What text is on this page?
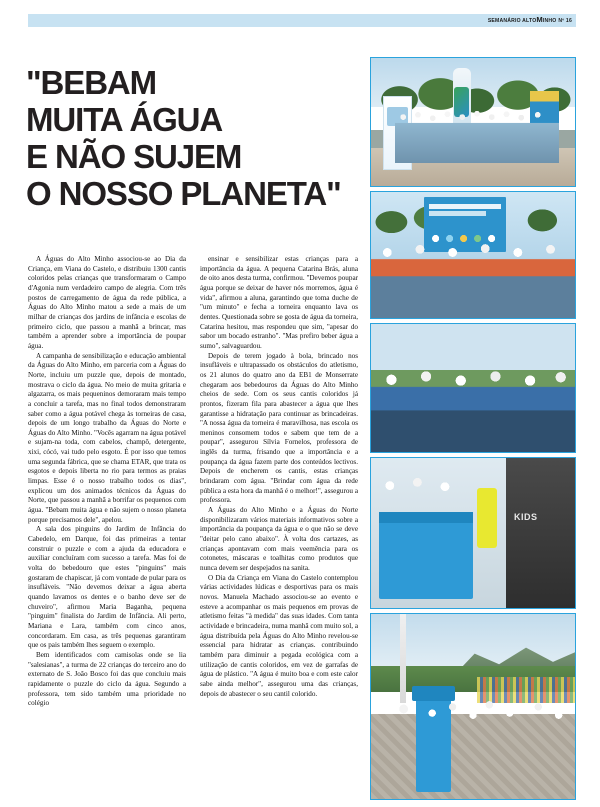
SEMANÁRIO ALTOMINHO Nº 16
"BEBAM
MUITA ÁGUA
E NÃO SUJEM
O NOSSO PLANETA"

A Águas do Alto Minho associou-se ao Dia da Criança, em Viana do Castelo, e distribuiu 1300 cantis coloridos pelas crianças que transformaram o Campo d'Agonia num verdadeiro campo de alegria. Com três postos de carregamento de água da rede pública, a Águas do Alto Minho matou a sede a mais de um milhar de crianças dos jardins de infância e escolas de primeiro ciclo, que passou a manhã a brincar, mas também a aprender sobre a importância de poupar água.

A campanha de sensibilização e educação ambiental da Águas do Alto Minho, em parceria com a Águas do Norte, incluiu um puzzle que, depois de montado, mostrava o ciclo da água. No meio de muita gritaria e algazarra, os mais pequeninos demoraram mais tempo a concluir a tarefa, mas no final todos demonstraram saber como a água potável chega às torneiras de casa, depois de um longo trabalho da Águas do Norte e Águas do Alto Minho. "Vocês agarram na água potável e sujam-na toda, com cabelos, champô, detergente, xixi, cócó, vai tudo pelo esgoto. É por isso que temos uma segunda fábrica, que se chama ETAR, que trata os esgotos e depois liberta no rio para termos as praias limpas. Esse é o nosso trabalho todos os dias", explicou um dos animados técnicos da Águas do Norte, que passou a manhã a borrifar os pequenos com água. "Bebam muita água e não sujem o nosso planeta porque precisamos dele", apelou.

A sala dos pinguins do Jardim de Infância do Cabedelo, em Darque, foi das primeiras a tentar construir o puzzle e com a ajuda da educadora e auxiliar concluíram com sucesso a tarefa. Mas foi de volta do bebedouro que estes "pinguins" mais gostaram de chapiscar, já com vontade de pular para os insufláveis. "Não devemos deixar a água aberta quando lavamos os dentes e o banho deve ser de chuveiro", afirmou Maria Baganha, pequena "pinguim" finalista do Jardim de Infância. Ali perto, Mariana e Lara, também com cinco anos, concordaram. Em casa, as três pequenas garantiram que os pais também lhes seguem o exemplo.

Bem identificados com camisolas onde se lia "salesianas", a turma de 22 crianças do terceiro ano do externato de S. João Bosco foi das que concluiu mais rapidamente o puzzle do ciclo da água. Segundo a professora, tem sido também uma prioridade no colégio

ensinar e sensibilizar estas crianças para a importância da água. A pequena Catarina Brás, aluna de oito anos desta turma, confirmou. "Devemos poupar água porque se deixar de haver nós morremos, água é vida", afirmou a aluna, garantindo que toma duche de "um minuto" e fecha a torneira enquanto lava os dentes. Questionada sobre se gosta de água da torneira, Catarina hesitou, mas respondeu que sim, "apesar do sabor um bocado estranho". "Mas prefiro beber água a sumo", salvaguardou.

Depois de terem jogado à bola, brincado nos insufláveis e ultrapassado os obstáculos do atletismo, os 21 alunos do quatro ano da EB1 de Monserrate chegaram aos bebedouros da Águas do Alto Minho cheios de sede. Com os seus cantis coloridos já prontos, fizeram fila para abastecer a água que lhes garantisse a hidratação para continuar as brincadeiras. "A nossa água da torneira é maravilhosa, nas escola os meninos consomem todos e sabem que tem de a poupar", assegurou Sílvia Fornelos, professora de inglês da turma, frisando que a importância e a poupança da água fazem parte dos conteúdos lectivos. Depois de encherem os cantis, estas crianças brindaram com água. "Brindar com água da rede pública a esta hora da manhã é o melhor!", assegurou a professora.

A Águas do Alto Minho e a Águas do Norte disponibilizaram vários materiais informativos sobre a importância da poupança da água e o que não se deve "deitar pelo cano abaixo". À volta dos cartazes, as crianças apontavam com mais veemência para os cotonetes, máscaras e toalhitas como produtos que nunca devem ser despejados na sanita.

O Dia da Criança em Viana do Castelo contemplou várias actividades lúdicas e desportivas para os mais novos. Manuela Machado associou-se ao evento e esteve a acompanhar os mais pequenos em provas de atletismo feitas "à medida" das suas idades. Com tanta actividade e brincadeira, numa manhã com muito sol, a água distribuída pela Águas do Alto Minho revelou-se essencial para hidratar as crianças. contribuindo também para diminuir a pegada ecológica com a utilização de cantis coloridos, em vez de garrafas de água de plástico. "A água é muito boa e com este calor sabe ainda melhor", assegurou uma das crianças, depois de abastecer o seu cantil colorido.

KIDS
